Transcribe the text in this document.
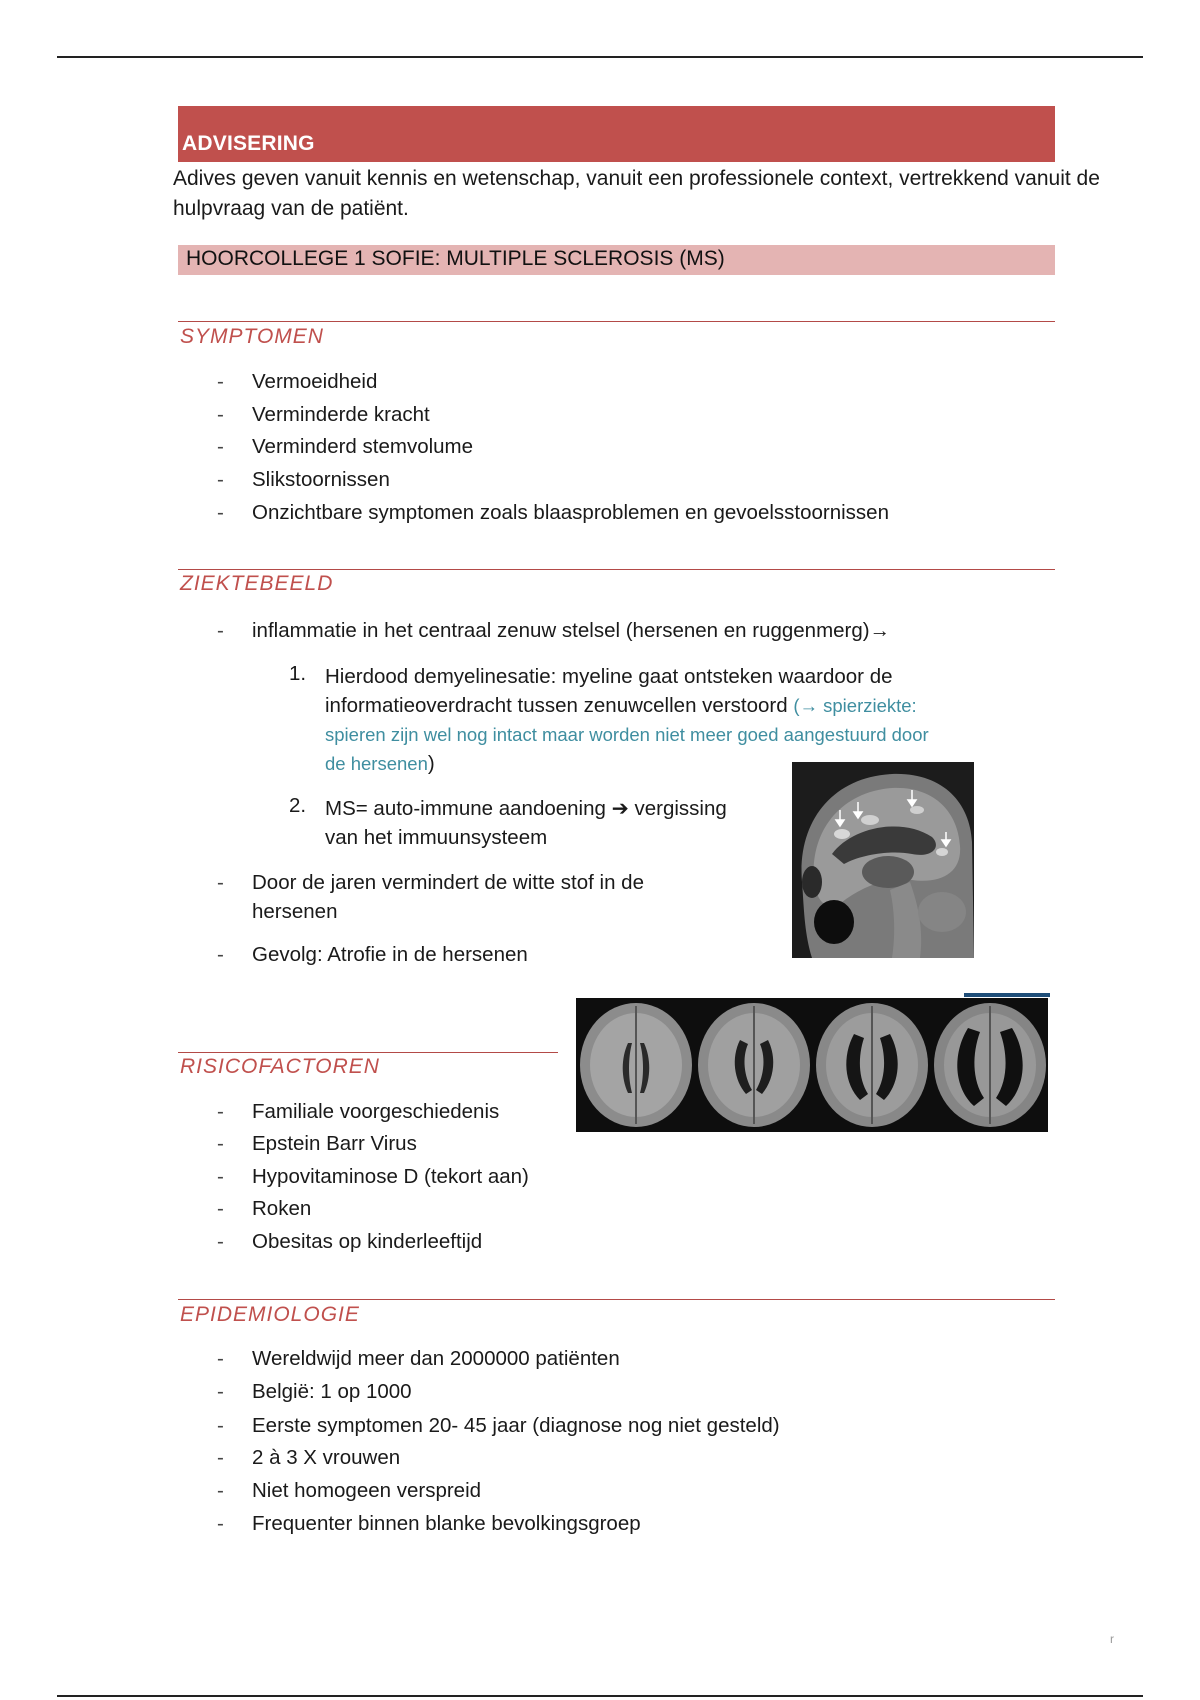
ADVISERING

Adives geven vanuit kennis en wetenschap, vanuit een professionele context, vertrekkend vanuit de hulpvraag van de patiënt.

HOORCOLLEGE 1 SOFIE: MULTIPLE SCLEROSIS (MS)
SYMPTOMEN
- Vermoeidheid
- Verminderde kracht
- Verminderd stemvolume
- Slikstoornissen
- Onzichtbare symptomen zoals blaasproblemen en gevoelsstoornissen
ZIEKTEBEELD
- inflammatie in het centraal zenuw stelsel (hersenen en ruggenmerg)→
1. Hierdood demyelinesatie: myeline gaat ontsteken waardoor de
informatieoverdracht tussen zenuwcellen verstoord (→ spierziekte:
spieren zijn wel nog intact maar worden niet meer goed aangestuurd door
de hersenen)
2. MS= auto-immune aandoening ➔ vergissing
van het immuunsysteem
- Door de jaren vermindert de witte stof in de
hersenen
- Gevolg: Atrofie in de hersenen

RISICOFACTOREN
- Familiale voorgeschiedenis
- Epstein Barr Virus
- Hypovitaminose D (tekort aan)
- Roken
- Obesitas op kinderleeftijd
EPIDEMIOLOGIE
- Wereldwijd meer dan 2000000 patiënten
- België: 1 op 1000
- Eerste symptomen 20- 45 jaar (diagnose nog niet gesteld)
- 2 à 3 X vrouwen
- Niet homogeen verspreid
- Frequenter binnen blanke bevolkingsgroep
r
